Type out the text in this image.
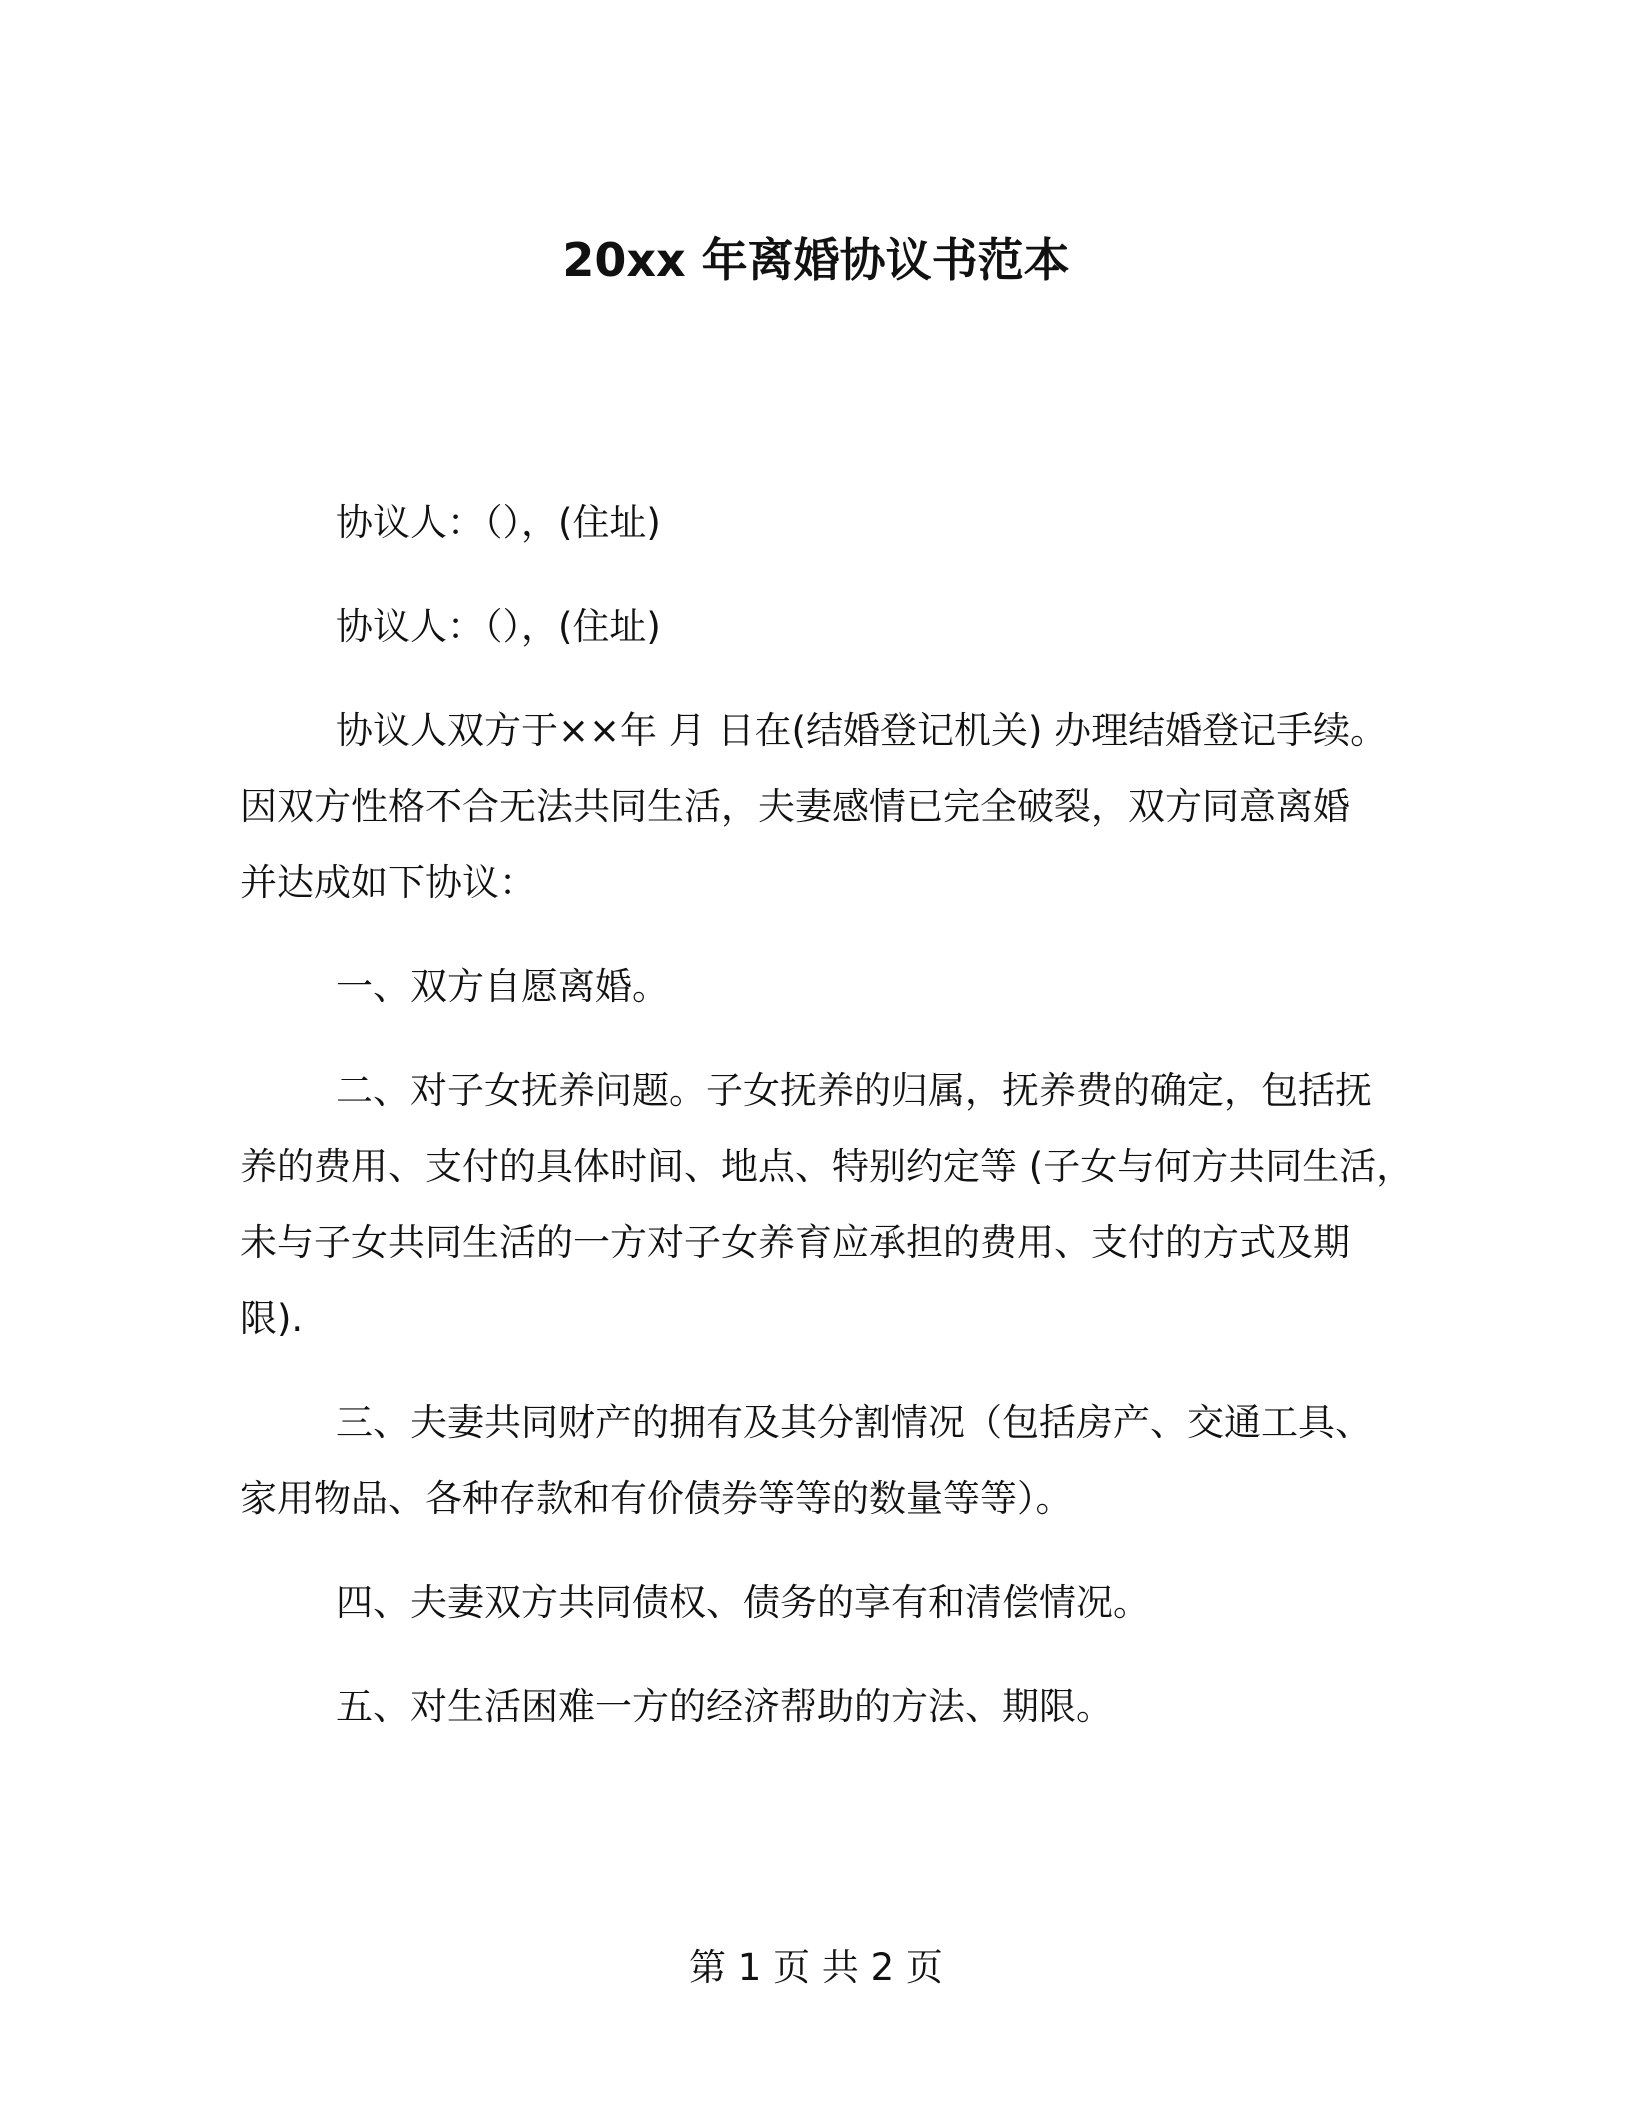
20xx 年离婚协议书范本
协议人：（），(住址)
协议人：（），(住址)
协议人双方于××年 月 日在(结婚登记机关) 办理结婚登记手续。
因双方性格不合无法共同生活，夫妻感情已完全破裂，双方同意离婚
并达成如下协议：
一、双方自愿离婚。
二、对子女抚养问题。子女抚养的归属，抚养费的确定，包括抚
养的费用、支付的具体时间、地点、特别约定等 (子女与何方共同生活，
未与子女共同生活的一方对子女养育应承担的费用、支付的方式及期
限).
三、夫妻共同财产的拥有及其分割情况（包括房产、交通工具、
家用物品、各种存款和有价债券等等的数量等等）。
四、夫妻双方共同债权、债务的享有和清偿情况。
五、对生活困难一方的经济帮助的方法、期限。
第 1 页 共 2 页
